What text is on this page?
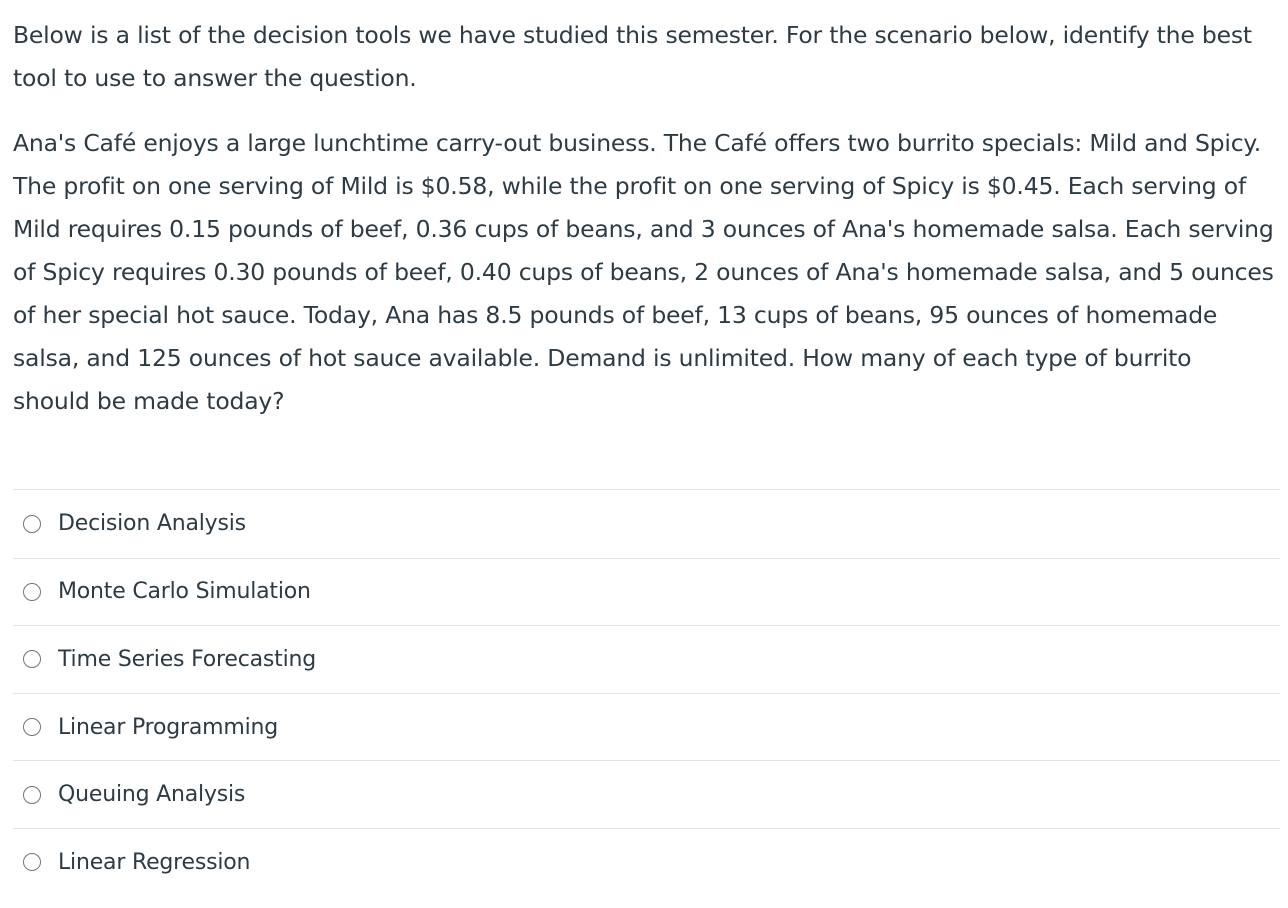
Below is a list of the decision tools we have studied this semester. For the scenario below, identify the best tool to use to answer the question.

Ana's Café enjoys a large lunchtime carry-out business. The Café offers two burrito specials: Mild and Spicy. The profit on one serving of Mild is $0.58, while the profit on one serving of Spicy is $0.45. Each serving of Mild requires 0.15 pounds of beef, 0.36 cups of beans, and 3 ounces of Ana's homemade salsa. Each serving of Spicy requires 0.30 pounds of beef, 0.40 cups of beans, 2 ounces of Ana's homemade salsa, and 5 ounces of her special hot sauce. Today, Ana has 8.5 pounds of beef, 13 cups of beans, 95 ounces of homemade salsa, and 125 ounces of hot sauce available. Demand is unlimited. How many of each type of burrito should be made today?

Decision Analysis
Monte Carlo Simulation
Time Series Forecasting
Linear Programming
Queuing Analysis
Linear Regression
